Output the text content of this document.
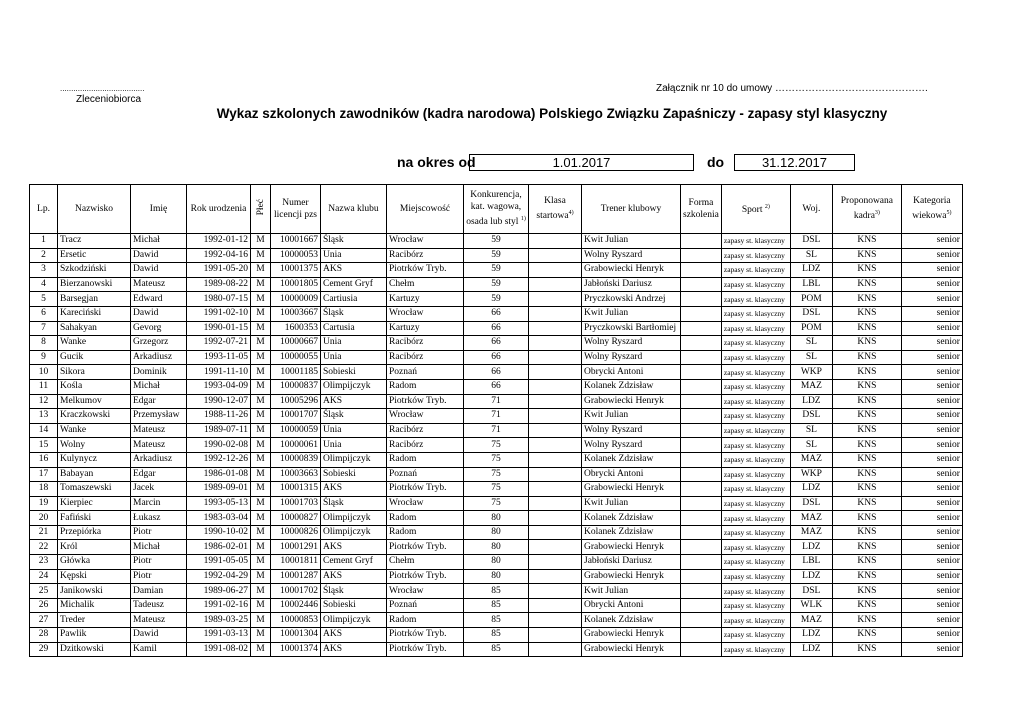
......................................
Zleceniobiorca
Załącznik nr 10 do umowy ……………………………………….
Wykaz szkolonych zawodników (kadra narodowa) Polskiego Związku Zapaśniczy - zapasy styl klasyczny
na okres od	1.01.2017	do	31.12.2017
Lp.	Nazwisko	Imię	Rok urodzenia	Płeć	Numer licencji pzs	Nazwa klubu	Miejscowość	Konkurencja, kat. wagowa, osada lub styl $^{1)}$	Klasa startowa$^{4)}$	Trener klubowy	Forma szkolenia	Sport $^{2)}$	Woj.	Proponowana kadra$^{3)}$	Kategoria wiekowa$^{5)}$
1	Tracz	Michał	1992-01-12	M	10001667	Śląsk	Wrocław	59		Kwit Julian		zapasy st. klasyczny	DSL	KNS	senior
2	Ersetic	Dawid	1992-04-16	M	10000053	Unia	Racibórz	59		Wolny Ryszard		zapasy st. klasyczny	SL	KNS	senior
3	Szkodziński	Dawid	1991-05-20	M	10001375	AKS	Piotrków Tryb.	59		Grabowiecki Henryk		zapasy st. klasyczny	LDZ	KNS	senior
4	Bierzanowski	Mateusz	1989-08-22	M	10001805	Cement Gryf	Chełm	59		Jabłoński Dariusz		zapasy st. klasyczny	LBL	KNS	senior
5	Barsegjan	Edward	1980-07-15	M	10000009	Cartiusia	Kartuzy	59		Pryczkowski Andrzej		zapasy st. klasyczny	POM	KNS	senior
6	Kareciński	Dawid	1991-02-10	M	10003667	Śląsk	Wrocław	66		Kwit Julian		zapasy st. klasyczny	DSL	KNS	senior
7	Sahakyan	Gevorg	1990-01-15	M	1600353	Cartusia	Kartuzy	66		Pryczkowski Bartłomiej		zapasy st. klasyczny	POM	KNS	senior
8	Wanke	Grzegorz	1992-07-21	M	10000667	Unia	Racibórz	66		Wolny Ryszard		zapasy st. klasyczny	SL	KNS	senior
9	Gucik	Arkadiusz	1993-11-05	M	10000055	Unia	Racibórz	66		Wolny Ryszard		zapasy st. klasyczny	SL	KNS	senior
10	Sikora	Dominik	1991-11-10	M	10001185	Sobieski	Poznań	66		Obrycki Antoni		zapasy st. klasyczny	WKP	KNS	senior
11	Kośla	Michał	1993-04-09	M	10000837	Olimpijczyk	Radom	66		Kolanek Zdzisław		zapasy st. klasyczny	MAZ	KNS	senior
12	Melkumov	Edgar	1990-12-07	M	10005296	AKS	Piotrków Tryb.	71		Grabowiecki Henryk		zapasy st. klasyczny	LDZ	KNS	senior
13	Kraczkowski	Przemysław	1988-11-26	M	10001707	Śląsk	Wrocław	71		Kwit Julian		zapasy st. klasyczny	DSL	KNS	senior
14	Wanke	Mateusz	1989-07-11	M	10000059	Unia	Racibórz	71		Wolny Ryszard		zapasy st. klasyczny	SL	KNS	senior
15	Wolny	Mateusz	1990-02-08	M	10000061	Unia	Racibórz	75		Wolny Ryszard		zapasy st. klasyczny	SL	KNS	senior
16	Kulynycz	Arkadiusz	1992-12-26	M	10000839	Olimpijczyk	Radom	75		Kolanek Zdzisław		zapasy st. klasyczny	MAZ	KNS	senior
17	Babayan	Edgar	1986-01-08	M	10003663	Sobieski	Poznań	75		Obrycki Antoni		zapasy st. klasyczny	WKP	KNS	senior
18	Tomaszewski	Jacek	1989-09-01	M	10001315	AKS	Piotrków Tryb.	75		Grabowiecki Henryk		zapasy st. klasyczny	LDZ	KNS	senior
19	Kierpiec	Marcin	1993-05-13	M	10001703	Śląsk	Wrocław	75		Kwit Julian		zapasy st. klasyczny	DSL	KNS	senior
20	Fafiński	Łukasz	1983-03-04	M	10000827	Olimpijczyk	Radom	80		Kolanek Zdzisław		zapasy st. klasyczny	MAZ	KNS	senior
21	Przepiórka	Piotr	1990-10-02	M	10000826	Olimpijczyk	Radom	80		Kolanek Zdzisław		zapasy st. klasyczny	MAZ	KNS	senior
22	Król	Michał	1986-02-01	M	10001291	AKS	Piotrków Tryb.	80		Grabowiecki Henryk		zapasy st. klasyczny	LDZ	KNS	senior
23	Główka	Piotr	1991-05-05	M	10001811	Cement Gryf	Chełm	80		Jabłoński Dariusz		zapasy st. klasyczny	LBL	KNS	senior
24	Kępski	Piotr	1992-04-29	M	10001287	AKS	Piotrków Tryb.	80		Grabowiecki Henryk		zapasy st. klasyczny	LDZ	KNS	senior
25	Janikowski	Damian	1989-06-27	M	10001702	Śląsk	Wrocław	85		Kwit Julian		zapasy st. klasyczny	DSL	KNS	senior
26	Michalik	Tadeusz	1991-02-16	M	10002446	Sobieski	Poznań	85		Obrycki Antoni		zapasy st. klasyczny	WLK	KNS	senior
27	Treder	Mateusz	1989-03-25	M	10000853	Olimpijczyk	Radom	85		Kolanek Zdzisław		zapasy st. klasyczny	MAZ	KNS	senior
28	Pawlik	Dawid	1991-03-13	M	10001304	AKS	Piotrków Tryb.	85		Grabowiecki Henryk		zapasy st. klasyczny	LDZ	KNS	senior
29	Dzitkowski	Kamil	1991-08-02	M	10001374	AKS	Piotrków Tryb.	85		Grabowiecki Henryk		zapasy st. klasyczny	LDZ	KNS	senior
